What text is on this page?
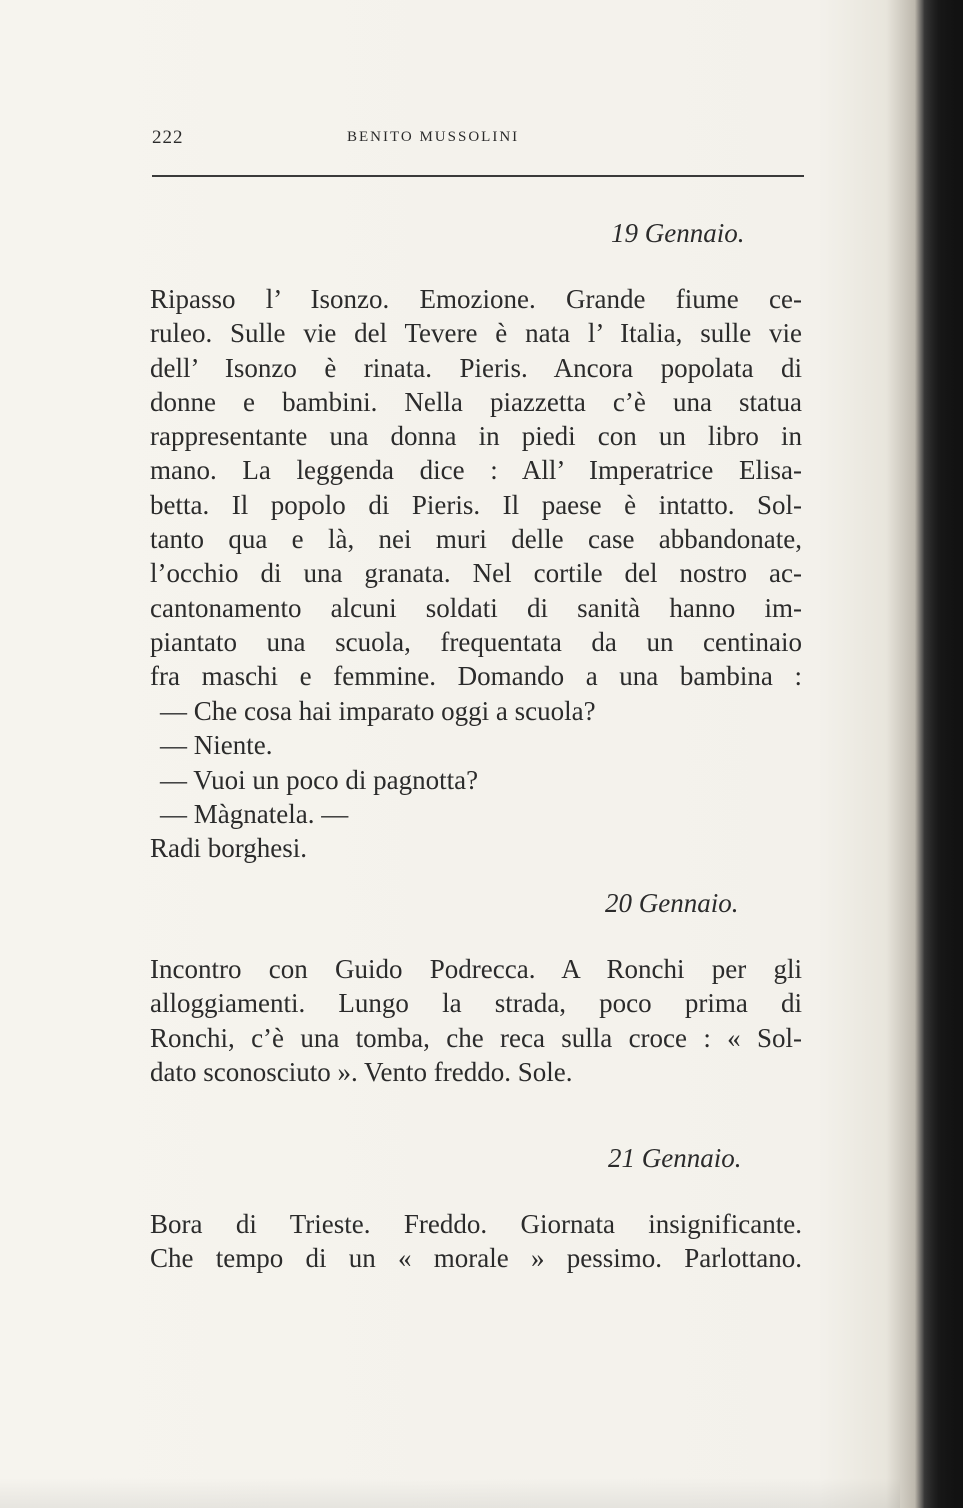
222	BENITO MUSSOLINI
19 Gennaio.
Ripasso l’ Isonzo. Emozione. Grande fiume ce-
ruleo. Sulle vie del Tevere è nata l’ Italia, sulle vie
dell’ Isonzo è rinata. Pieris. Ancora popolata di
donne e bambini. Nella piazzetta c’è una statua
rappresentante una donna in piedi con un libro in
mano. La leggenda dice : All’ Imperatrice Elisa-
betta. Il popolo di Pieris. Il paese è intatto. Sol-
tanto qua e là, nei muri delle case abbandonate,
l’occhio di una granata. Nel cortile del nostro ac-
cantonamento alcuni soldati di sanità hanno im-
piantato una scuola, frequentata da un centinaio
fra maschi e femmine. Domando a una bambina :
— Che cosa hai imparato oggi a scuola?
— Niente.
— Vuoi un poco di pagnotta?
— Màgnatela. —
Radi borghesi.
20 Gennaio.
Incontro con Guido Podrecca. A Ronchi per gli
alloggiamenti. Lungo la strada, poco prima di
Ronchi, c’è una tomba, che reca sulla croce : « Sol-
dato sconosciuto ». Vento freddo. Sole.
21 Gennaio.
Bora di Trieste. Freddo. Giornata insignificante.
Che tempo di un « morale » pessimo. Parlottano.
